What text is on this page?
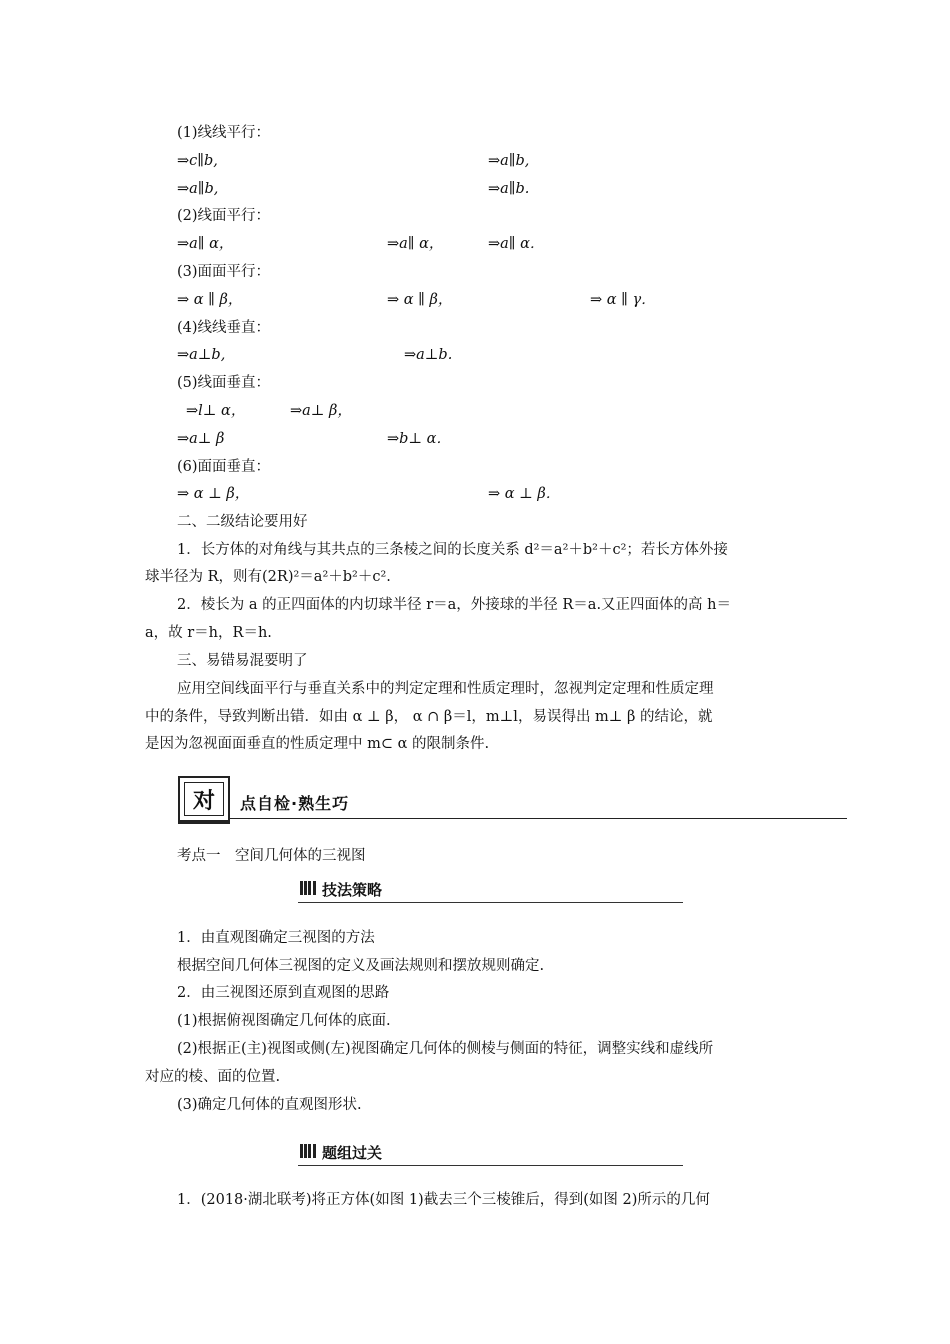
(1)线线平行：
⇒c∥b,	⇒a∥b,
⇒a∥b,	⇒a∥b.
(2)线面平行：
⇒a∥ α，	⇒a∥ α，	⇒a∥ α．
(3)面面平行：
⇒ α ∥ β，	⇒ α ∥ β，	⇒ α ∥ γ．
(4)线线垂直：
⇒a⊥b,	⇒a⊥b.
(5)线面垂直：
⇒l⊥ α，	⇒a⊥ β，
⇒a⊥ β	⇒b⊥ α．
(6)面面垂直：
⇒ α ⊥ β，	⇒ α ⊥ β．
二、二级结论要用好
1．长方体的对角线与其共点的三条棱之间的长度关系 d²＝a²＋b²＋c²；若长方体外接
球半径为 R，则有(2R)²＝a²＋b²＋c².
2．棱长为 a 的正四面体的内切球半径 r＝a，外接球的半径 R＝a.又正四面体的高 h＝
a，故 r＝h，R＝h.
三、易错易混要明了
应用空间线面平行与垂直关系中的判定定理和性质定理时，忽视判定定理和性质定理
中的条件，导致判断出错．如由 α ⊥ β， α ∩ β＝l，m⊥l，易误得出 m⊥ β 的结论，就
是因为忽视面面垂直的性质定理中 m⊂ α 的限制条件.
对	点自检·熟生巧
考点一　空间几何体的三视图
技法策略
1．由直观图确定三视图的方法
根据空间几何体三视图的定义及画法规则和摆放规则确定.
2．由三视图还原到直观图的思路
(1)根据俯视图确定几何体的底面.
(2)根据正(主)视图或侧(左)视图确定几何体的侧棱与侧面的特征，调整实线和虚线所
对应的棱、面的位置.
(3)确定几何体的直观图形状.
题组过关
1．(2018·湖北联考)将正方体(如图 1)截去三个三棱锥后，得到(如图 2)所示的几何
